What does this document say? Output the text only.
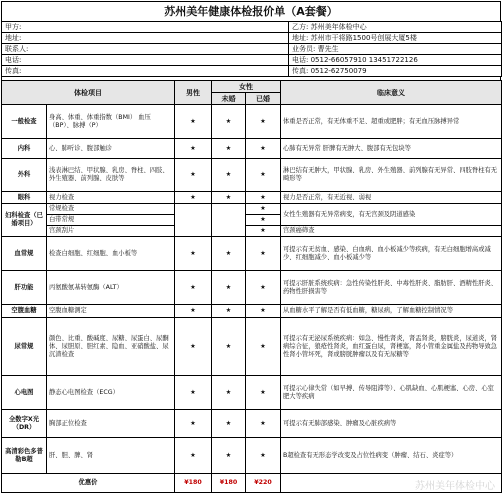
苏州美年健康体检报价单（A套餐）
甲方:	乙方: 苏州美年体检中心
地址:	地址: 苏州市干将路1500号创展大厦5楼
联系人:	业务员: 曹先生
电话:	电话: 0512-66057910 13451722126
传真:	传真: 0512-62750079
体检项目		男性	女性		临床意义
			未婚	已婚	
一般检查	身高、体重、体重指数（BMI） 血压（BP）、脉搏（P）	★	★	★	体重是否正常，有无体重不足、超重或肥胖；有无血压脉搏异常
内科	心、肺听诊、腹部触诊	★	★	★	心肺有无异常 肝脾有无肿大、腹部有无包块等
外科	浅表淋巴结、甲状腺、乳房、脊柱、四肢、外生殖器、前列腺、皮肤等	★	★	★	淋巴结有无肿大，甲状腺、乳房、外生殖器、前列腺有无异常、四肢脊柱有无畸形等
眼科	视力检查	★	★	★	视力是否正常，有无近视、弱视
妇科检查（已婚项目）	常规检查			★	女性生殖器有无异常病变，有无宫颈及阴道感染
	白带常规			★	
	宫颈刮片			★	宫颈癌筛查
血常规	检查白细胞、红细胞、血小板等	★	★	★	可提示有无贫血、感染、白血病、血小板减少等疾病，有无白细胞增高或减少、红细胞减少、血小板减少等
肝功能	丙氨酸氨基转氨酶（ALT）	★	★	★	可提示肝脏系统疾病：急性传染性肝炎、中毒性肝炎、脂肪肝、酒精性肝炎、药物性肝损害等
空腹血糖	空腹血糖测定	★	★	★	从血糖水平了解是否有低血糖，糖尿病，了解血糖控制情况等
尿常规	颜色、比重、酸碱度、尿糖、尿蛋白、尿酮体、尿胆原、胆红素、隐血、亚硝酸盐、尿沉渣检查	★	★	★	可提示有无泌尿系统疾病：如急、慢性肾炎，肾盂肾炎，膀胱炎，尿道炎，肾病综合征，狼疮性肾炎，血红蛋白尿，肾梗塞，肾小管重金属盐及药物导致急性肾小管坏死，肾或膀胱肿瘤以及有无尿糖等
心电图	静态心电图检查（ECG）	★	★	★	可提示心律失常（如早搏、传导阻滞等）、心肌缺血、心肌梗塞、心房、心室肥大等疾病
全数字X光（DR）	胸部正位检查	★	★	★	可提示有无肺部感染、肿瘤及心脏疾病等
高清彩色多普勒B超	肝、胆、脾、肾	★	★	★	B超检查有无形态学改变及占位性病变（肿瘤、结石、炎症等）
优惠价		¥180	¥180	¥220	苏州美年体检中心
